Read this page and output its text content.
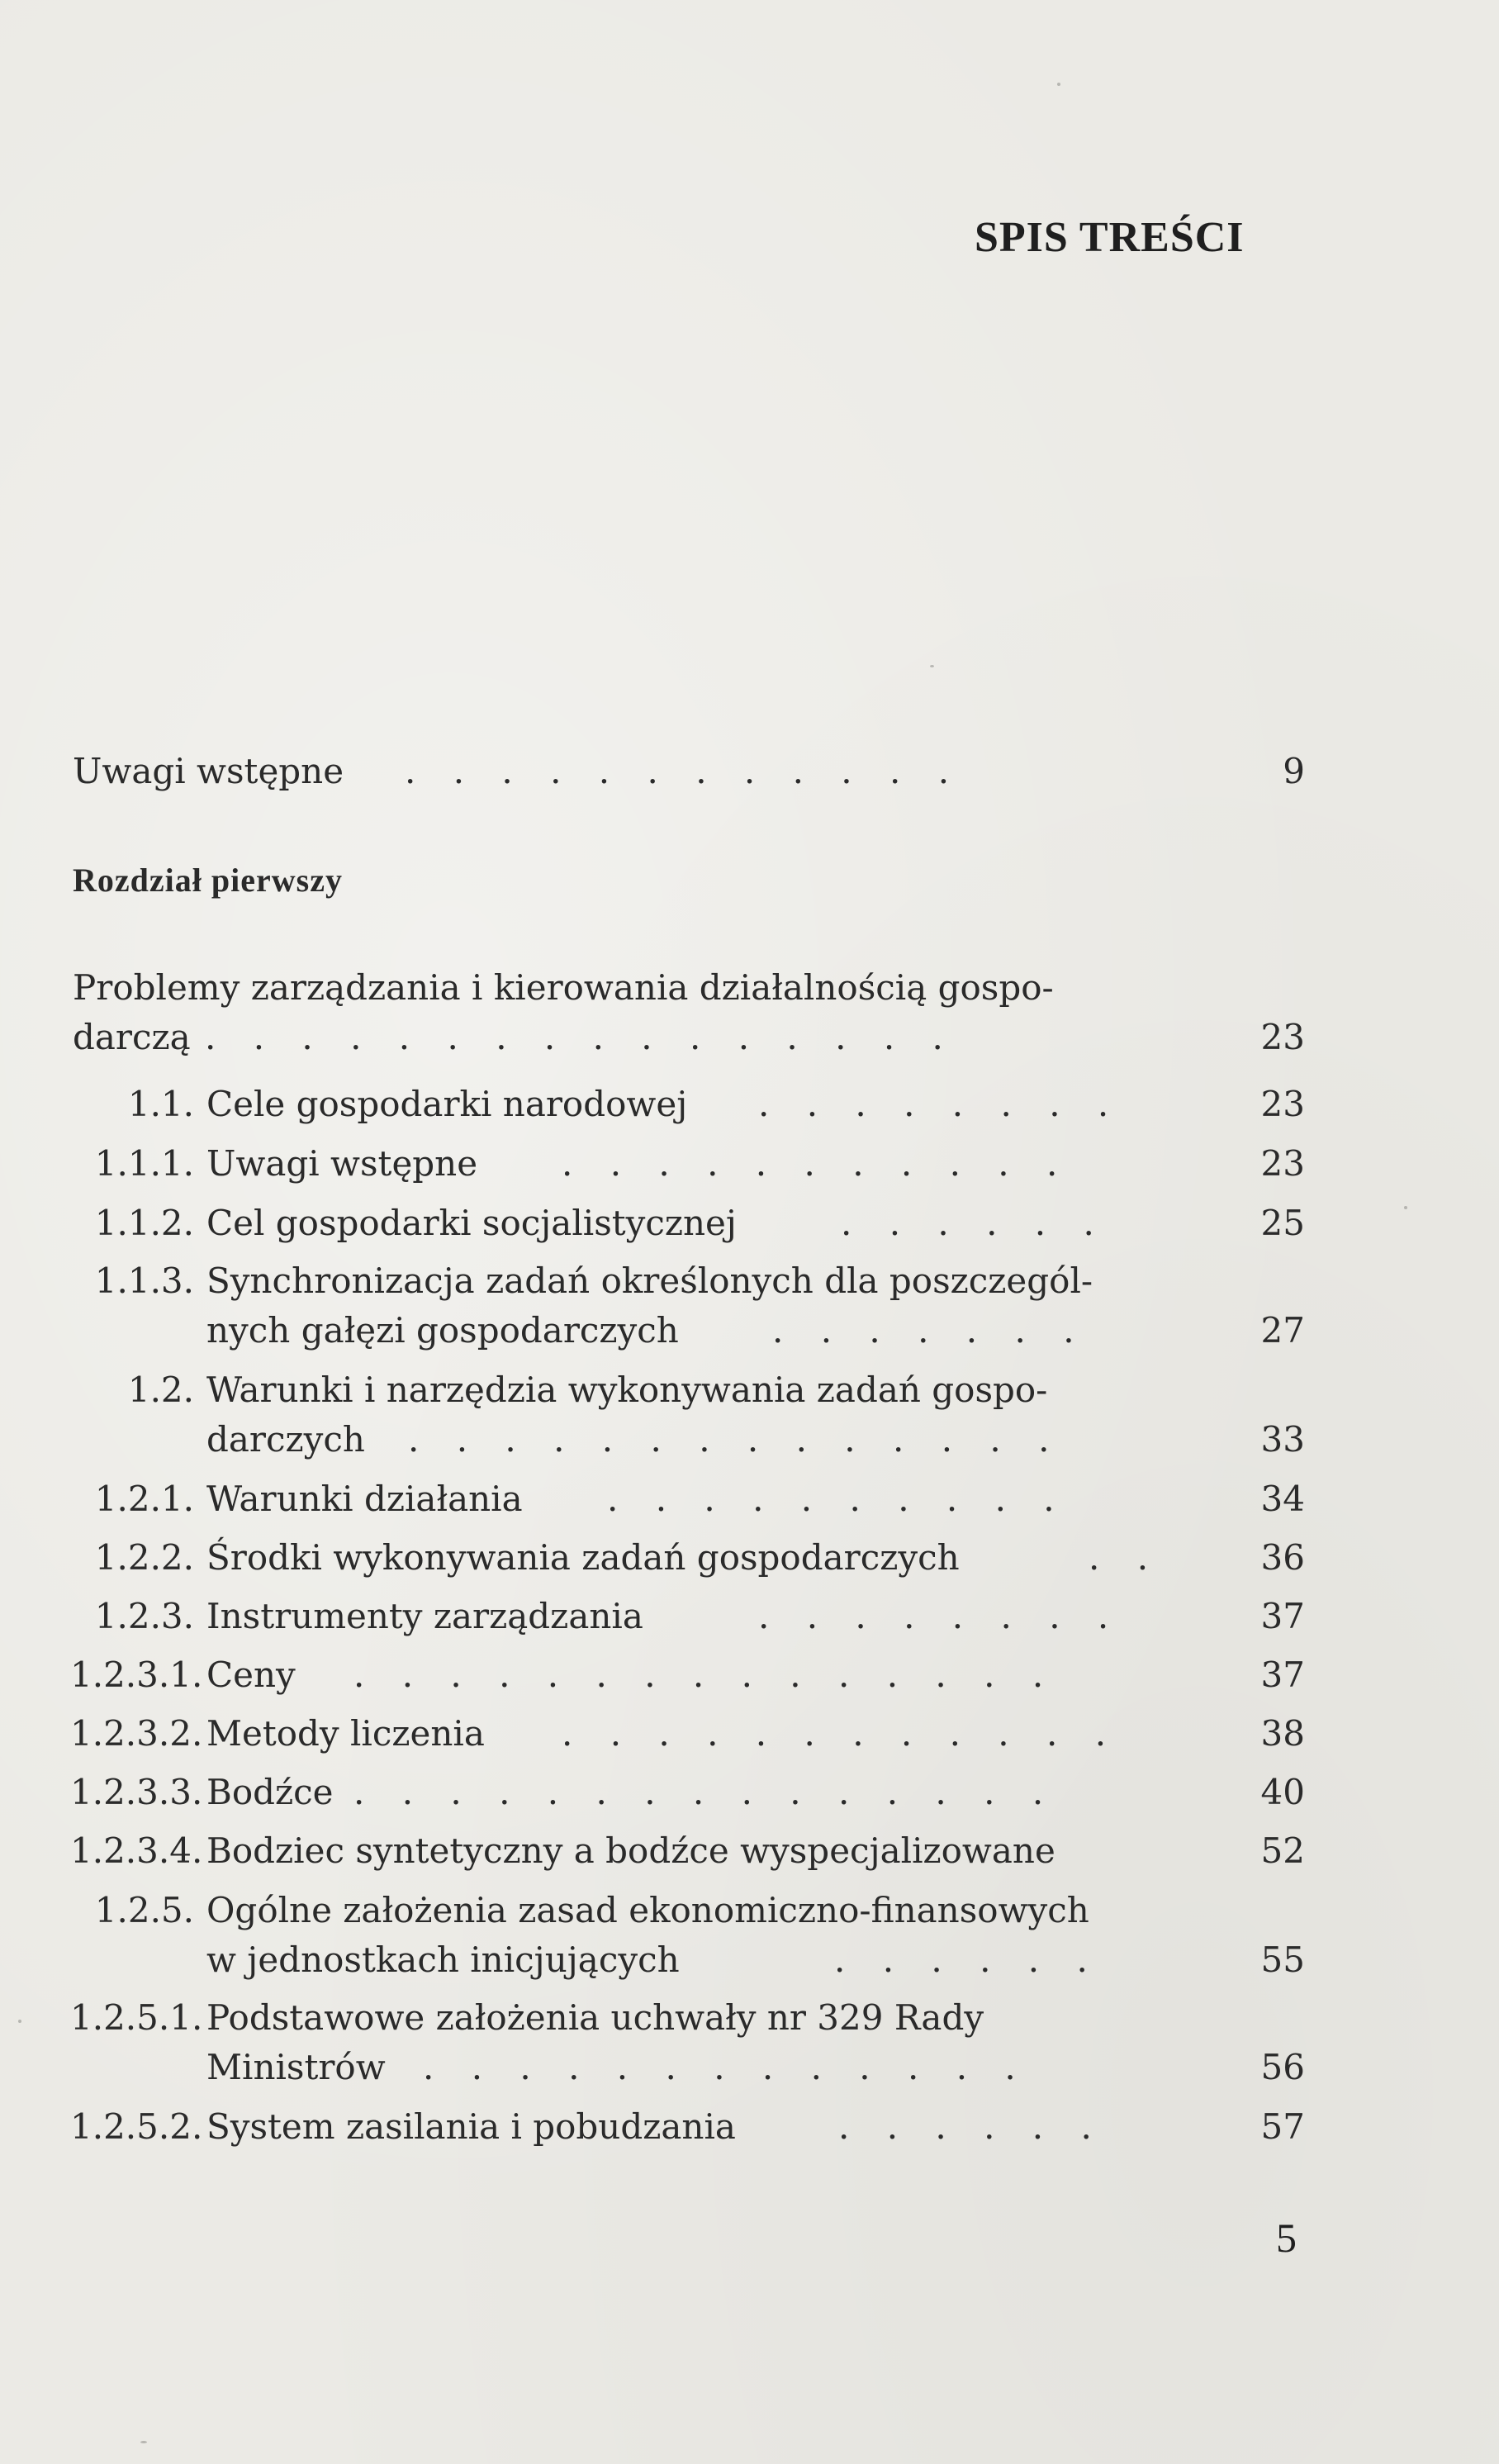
SPIS TREŚCI
Uwagi wstępne . . . . . . . . . . . .	9
Rozdział pierwszy
Problemy zarządzania i kierowania działalnością gospo-
darczą . . . . . . . . . . . . . . . .	23
1.1. Cele gospodarki narodowej . . . . . . . .	23
1.1.1. Uwagi wstępne . . . . . . . . . . .	23
1.1.2. Cel gospodarki socjalistycznej	. . . . . .	25
1.1.3. Synchronizacja zadań określonych dla poszczegól-
nych gałęzi gospodarczych	. . . . . . .	27
1.2. Warunki i narzędzia wykonywania zadań gospo-
darczych . . . . . . . . . . . . . .	33
1.2.1. Warunki działania . . . . . . . . . .	34
1.2.2. Środki wykonywania zadań gospodarczych	. .	36
1.2.3. Instrumenty zarządzania	. . . . . . . .	37
1.2.3.1. Ceny . . . . . . . . . . . . . . .	37
1.2.3.2. Metody liczenia . . . . . . . . . . . .	38
1.2.3.3. Bodźce . . . . . . . . . . . . . . .	40
1.2.3.4. Bodziec syntetyczny a bodźce wyspecjalizowane	52
1.2.5. Ogólne założenia zasad ekonomiczno-finansowych
w jednostkach inicjujących	. . . . . .	55
1.2.5.1. Podstawowe założenia uchwały nr 329 Rady
Ministrów . . . . . . . . . . . . .	56
1.2.5.2. System zasilania i pobudzania	. . . . . .	57
5
